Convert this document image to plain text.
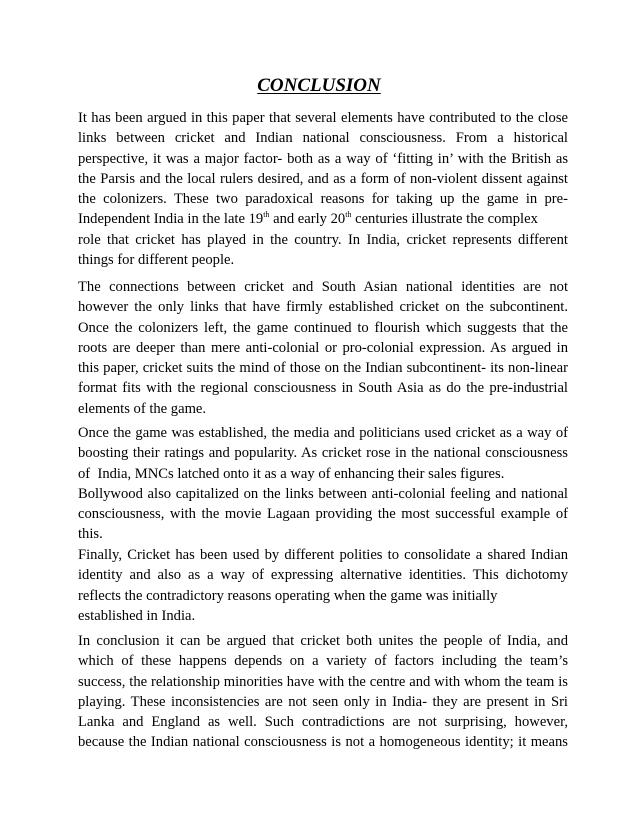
CONCLUSION
It has been argued in this paper that several elements have contributed to the close
links between cricket and Indian national consciousness. From a historical
perspective, it was a major factor- both as a way of ‘fitting in’ with the British as
the Parsis and the local rulers desired, and as a form of non-violent dissent against
the colonizers. These two paradoxical reasons for taking up the game in pre-
Independent India in the late 19th and early 20th centuries illustrate the complex
role that cricket has played in the country. In India, cricket represents different
things for different people.
The connections between cricket and South Asian national identities are not
however the only links that have firmly established cricket on the subcontinent.
Once the colonizers left, the game continued to flourish which suggests that the
roots are deeper than mere anti-colonial or pro-colonial expression. As argued in
this paper, cricket suits the mind of those on the Indian subcontinent- its non-linear
format fits with the regional consciousness in South Asia as do the pre-industrial
elements of the game.
Once the game was established, the media and politicians used cricket as a way of
boosting their ratings and popularity. As cricket rose in the national consciousness
of  India, MNCs latched onto it as a way of enhancing their sales figures.
Bollywood also capitalized on the links between anti-colonial feeling and national
consciousness, with the movie Lagaan providing the most successful example of
this.
Finally, Cricket has been used by different polities to consolidate a shared Indian
identity and also as a way of expressing alternative identities. This dichotomy
reflects the contradictory reasons operating when the game was initially
established in India.
In conclusion it can be argued that cricket both unites the people of India, and
which of these happens depends on a variety of factors including the team’s
success, the relationship minorities have with the centre and with whom the team is
playing. These inconsistencies are not seen only in India- they are present in Sri
Lanka and England as well. Such contradictions are not surprising, however,
because the Indian national consciousness is not a homogeneous identity; it means
